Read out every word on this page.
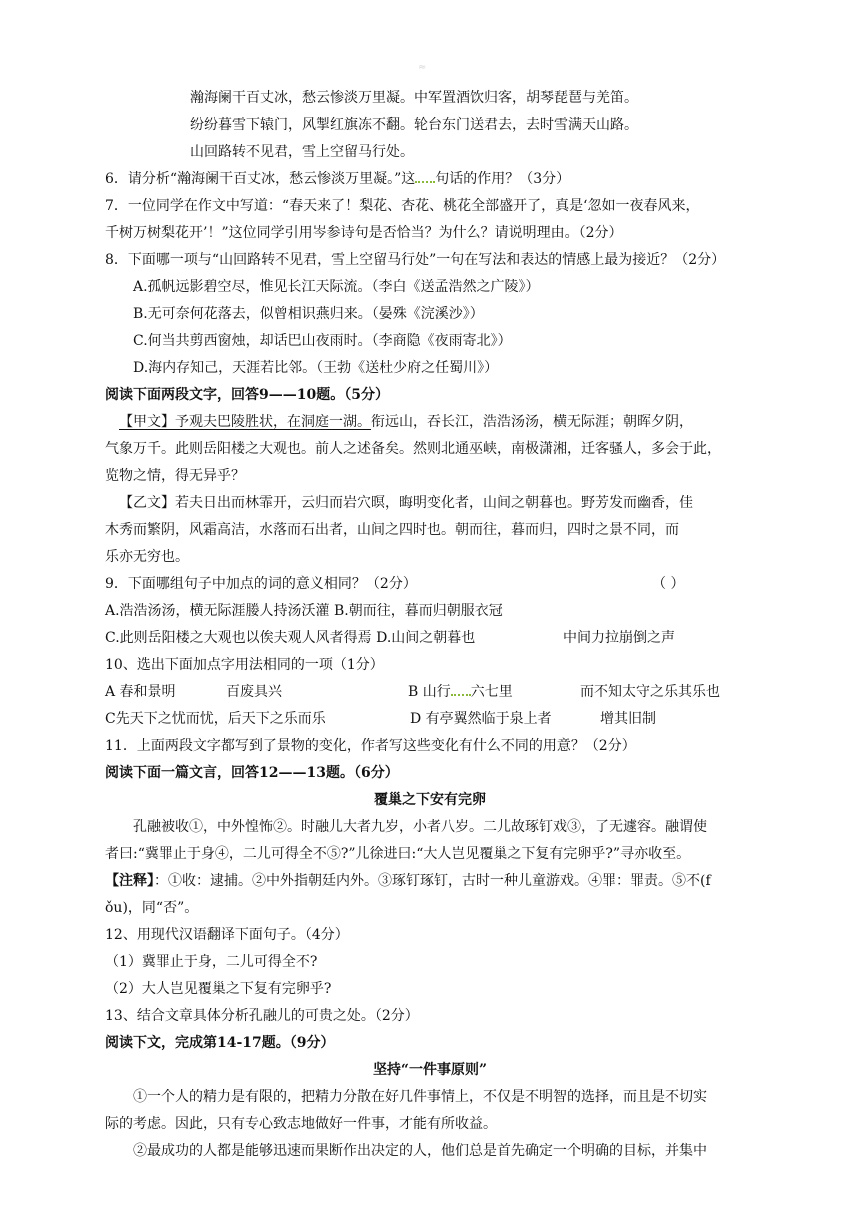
≈
瀚海阑干百丈冰，愁云惨淡万里凝。中军置酒饮归客，胡琴琵琶与羌笛。
纷纷暮雪下辕门，风掣红旗冻不翻。轮台东门送君去，去时雪满天山路。
山回路转不见君，雪上空留马行处。
6．请分析“瀚海阑干百丈冰，愁云惨淡万里凝。”这 句话的作用？（3分）
7．一位同学在作文中写道：“春天来了！梨花、杏花、桃花全部盛开了，真是‘忽如一夜春风来，
千树万树梨花开’！”这位同学引用岑参诗句是否恰当？为什么？请说明理由。（2分）
8．下面哪一项与“山回路转不见君，雪上空留马行处”一句在写法和表达的情感上最为接近？（2分）
A.孤帆远影碧空尽，惟见长江天际流。（李白《送孟浩然之广陵》）
B.无可奈何花落去，似曾相识燕归来。（晏殊《浣溪沙》）
C.何当共剪西窗烛，却话巴山夜雨时。（李商隐《夜雨寄北》）
D.海内存知己，天涯若比邻。（王勃《送杜少府之任蜀川》）
阅读下面两段文字，回答9——10题。（5分）
【甲文】予观夫巴陵胜状，在洞庭一湖。衔远山，吞长江，浩浩汤汤，横无际涯；朝晖夕阴，
气象万千。此则岳阳楼之大观也。前人之述备矣。然则北通巫峡，南极潇湘，迁客骚人，多会于此，
览物之情，得无异乎？
【乙文】若夫日出而林霏开，云归而岩穴暝，晦明变化者，山间之朝暮也。野芳发而幽香，佳
木秀而繁阴，风霜高洁，水落而石出者，山间之四时也。朝而往，暮而归，四时之景不同，而
乐亦无穷也。
9．下面哪组句子中加点的词的意义相同？（2分）	（ ）
A.浩浩汤汤，横无际涯媵人持汤沃灌 B.朝而往，暮而归朝服衣冠
C.此则岳阳楼之大观也以俟夫观人风者得焉 D.山间之朝暮也	中间力拉崩倒之声
10、选出下面加点字用法相同的一项（1分）
A 春和景明	百废具兴	B 山行 六七里	而不知太守之乐其乐也
C先天下之忧而忧，后天下之乐而乐	D 有亭翼然临于泉上者	增其旧制
11．上面两段文字都写到了景物的变化，作者写这些变化有什么不同的用意？（2分）
阅读下面一篇文言，回答12——13题。（6分）
覆巢之下安有完卵
孔融被收①，中外惶怖②。时融儿大者九岁，小者八岁。二儿故琢钉戏③，了无遽容。融谓使
者曰:“冀罪止于身④，二儿可得全不⑤?”儿徐进曰:“大人岂见覆巢之下复有完卵乎?”寻亦收至。
【注释】：①收：逮捕。②中外指朝廷内外。③琢钉琢钉，古时一种儿童游戏。④罪：罪责。⑤不(f
ǒu)，同“否”。
12、用现代汉语翻译下面句子。（4分）
（1）冀罪止于身，二儿可得全不?
（2）大人岂见覆巢之下复有完卵乎?
13、结合文章具体分析孔融儿的可贵之处。（2分）
阅读下文，完成第14-17题。（9分）
坚持“一件事原则”
①一个人的精力是有限的，把精力分散在好几件事情上，不仅是不明智的选择，而且是不切实
际的考虑。因此，只有专心致志地做好一件事，才能有所收益。
②最成功的人都是能够迅速而果断作出决定的人，他们总是首先确定一个明确的目标，并集中
